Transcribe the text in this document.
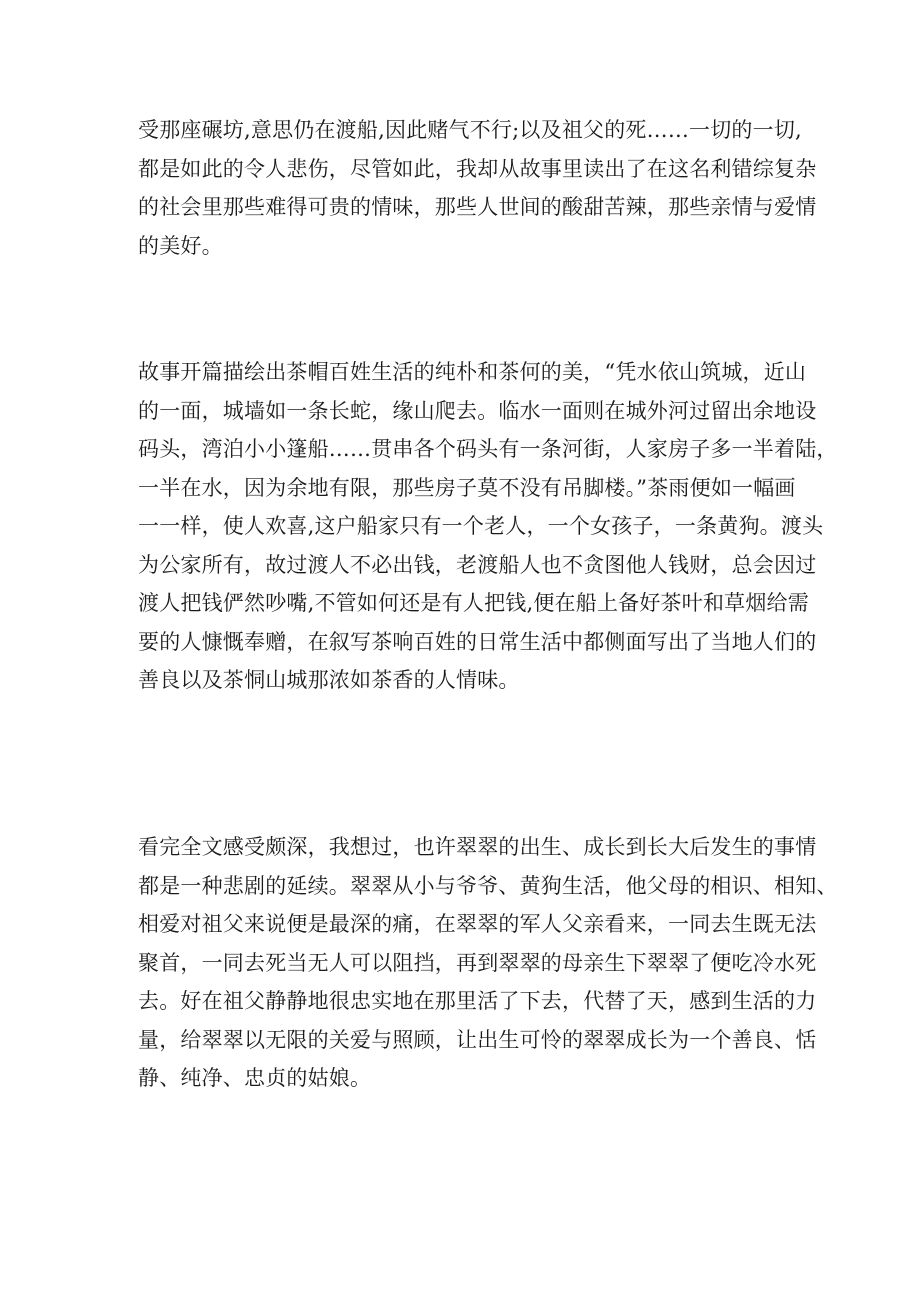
受那座碾坊,意思仍在渡船,因此赌气不行;以及祖父的死……一切的一切,
都是如此的令人悲伤，尽管如此，我却从故事里读出了在这名利错综复杂
的社会里那些难得可贵的情味，那些人世间的酸甜苦辣，那些亲情与爱情
的美好。
故事开篇描绘出茶帽百姓生活的纯朴和茶何的美，“凭水依山筑城，近山
的一面，城墙如一条长蛇，缘山爬去。临水一面则在城外河过留出余地设
码头，湾泊小小篷船……贯串各个码头有一条河街，人家房子多一半着陆，
一半在水，因为余地有限，那些房子莫不没有吊脚楼。”茶雨便如一幅画
一一样，使人欢喜,这户船家只有一个老人，一个女孩子，一条黄狗。渡头
为公家所有，故过渡人不必出钱，老渡船人也不贪图他人钱财，总会因过
渡人把钱俨然吵嘴,不管如何还是有人把钱,便在船上备好茶叶和草烟给需
要的人慷慨奉赠，在叙写茶响百姓的日常生活中都侧面写出了当地人们的
善良以及茶恫山城那浓如茶香的人情味。
看完全文感受颇深，我想过，也许翠翠的出生、成长到长大后发生的事情
都是一种悲剧的延续。翠翠从小与爷爷、黄狗生活，他父母的相识、相知、
相爱对祖父来说便是最深的痛，在翠翠的军人父亲看来，一同去生既无法
聚首，一同去死当无人可以阻挡，再到翠翠的母亲生下翠翠了便吃冷水死
去。好在祖父静静地很忠实地在那里活了下去，代替了天，感到生活的力
量，给翠翠以无限的关爱与照顾，让出生可怜的翠翠成长为一个善良、恬
静、纯净、忠贞的姑娘。
